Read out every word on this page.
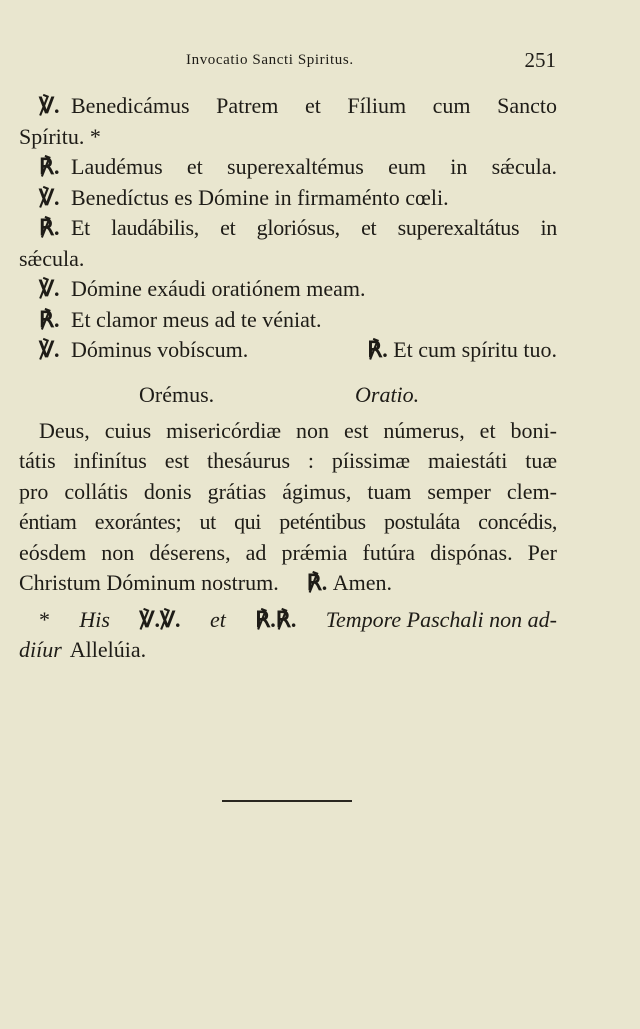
Invocatio Sancti Spiritus.	251
℣. Benedicámus Patrem et Fílium cum Sancto
Spíritu. *
℟. Laudémus et superexaltémus eum in sǽcula.
℣. Benedíctus es Dómine in firmaménto cœli.
℟. Et laudábilis, et gloriósus, et superexaltátus in
sǽcula.
℣. Dómine exáudi oratiónem meam.
℟. Et clamor meus ad te véniat.
℣. Dóminus vobíscum.	℟. Et cum spíritu tuo.
Orémus.	Oratio.
Deus, cuius misericórdiæ non est númerus, et boni-
tátis infinítus est thesáurus : píissimæ maiestáti tuæ
pro collátis donis grátias ágimus, tuam semper clem-
éntiam exorántes; ut qui peténtibus postuláta concédis,
eósdem non déserens, ad prǽmia futúra dispónas. Per
Christum Dóminum nostrum. ℟. Amen.
* His ℣.℣. et ℟.℟. Tempore Paschali non ad-
diíur Allelúia.
